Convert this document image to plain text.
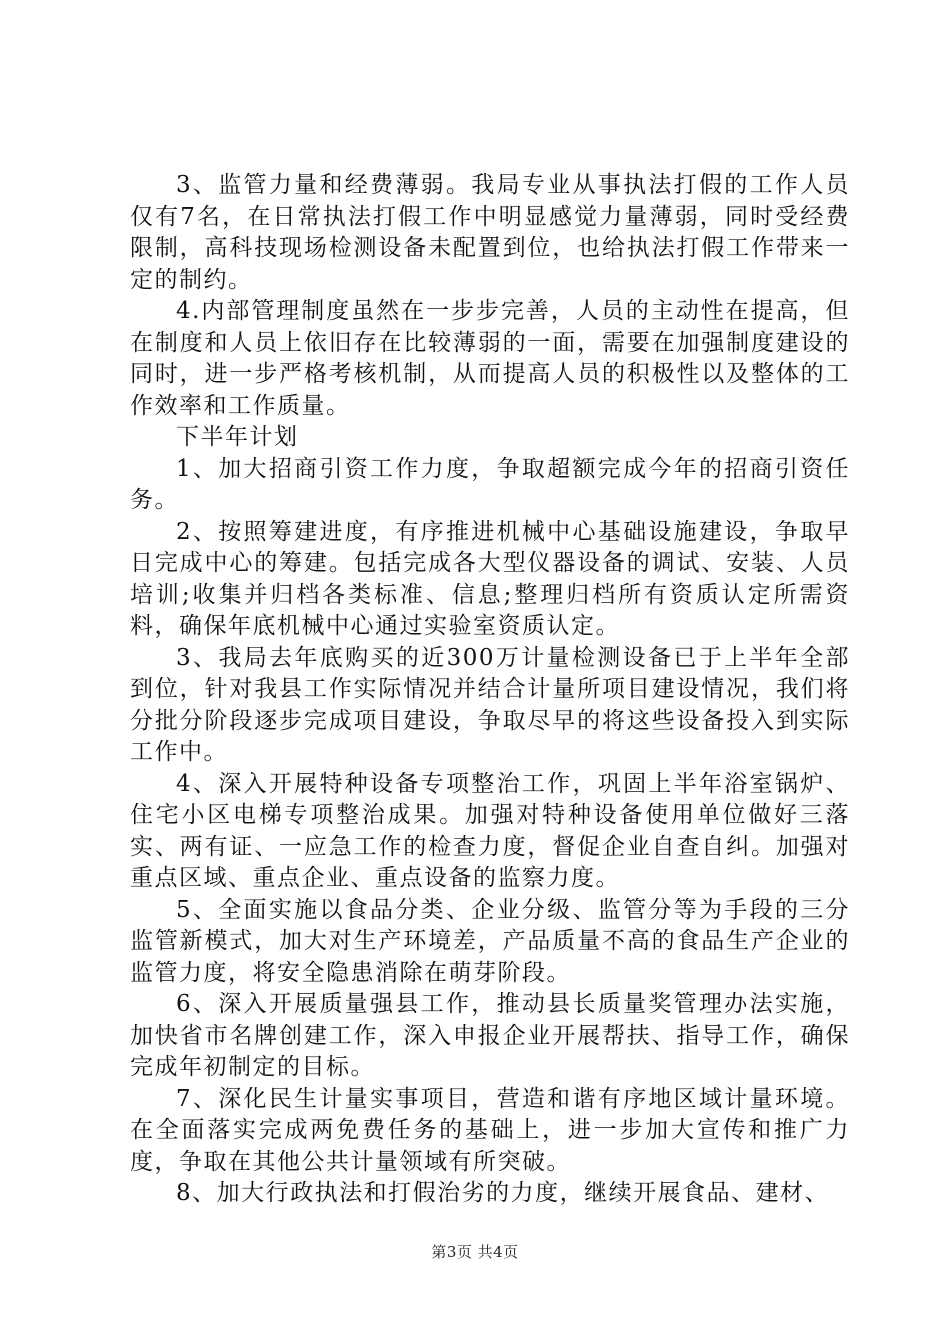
3、监管力量和经费薄弱。我局专业从事执法打假的工作人员仅有7名，在日常执法打假工作中明显感觉力量薄弱，同时受经费限制，高科技现场检测设备未配置到位，也给执法打假工作带来一定的制约。

4.内部管理制度虽然在一步步完善，人员的主动性在提高，但在制度和人员上依旧存在比较薄弱的一面，需要在加强制度建设的同时，进一步严格考核机制，从而提高人员的积极性以及整体的工作效率和工作质量。

下半年计划

1、加大招商引资工作力度，争取超额完成今年的招商引资任务。

2、按照筹建进度，有序推进机械中心基础设施建设，争取早日完成中心的筹建。包括完成各大型仪器设备的调试、安装、人员培训;收集并归档各类标准、信息;整理归档所有资质认定所需资料，确保年底机械中心通过实验室资质认定。

3、我局去年底购买的近300万计量检测设备已于上半年全部到位，针对我县工作实际情况并结合计量所项目建设情况，我们将分批分阶段逐步完成项目建设，争取尽早的将这些设备投入到实际工作中。

4、深入开展特种设备专项整治工作，巩固上半年浴室锅炉、住宅小区电梯专项整治成果。加强对特种设备使用单位做好三落实、两有证、一应急工作的检查力度，督促企业自查自纠。加强对重点区域、重点企业、重点设备的监察力度。

5、全面实施以食品分类、企业分级、监管分等为手段的三分监管新模式，加大对生产环境差，产品质量不高的食品生产企业的监管力度，将安全隐患消除在萌芽阶段。

6、深入开展质量强县工作，推动县长质量奖管理办法实施，加快省市名牌创建工作，深入申报企业开展帮扶、指导工作，确保完成年初制定的目标。

7、深化民生计量实事项目，营造和谐有序地区域计量环境。在全面落实完成两免费任务的基础上，进一步加大宣传和推广力度，争取在其他公共计量领域有所突破。

8、加大行政执法和打假治劣的力度，继续开展食品、建材、

第3页 共4页
